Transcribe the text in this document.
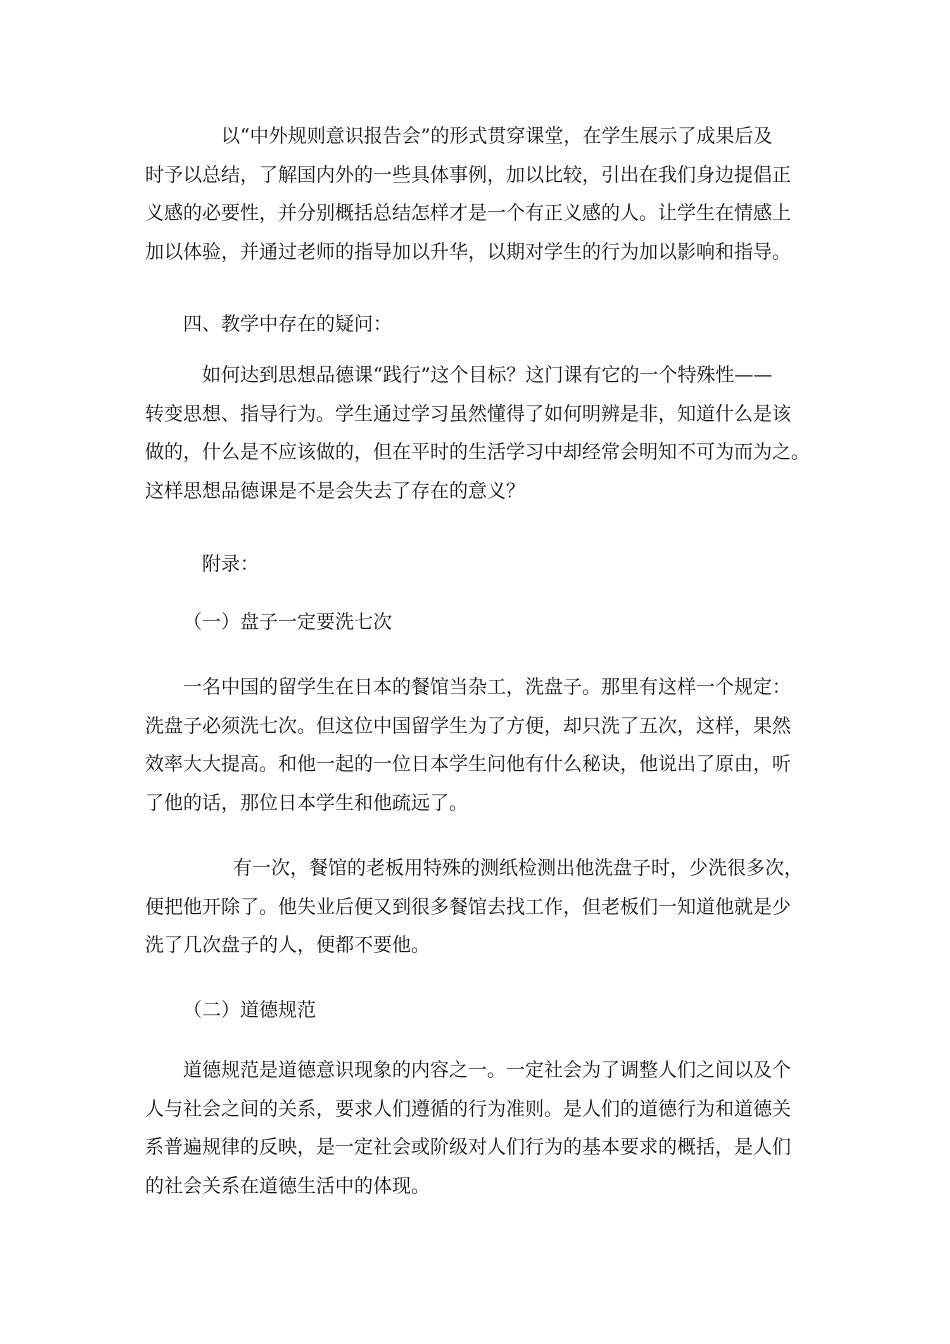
以“中外规则意识报告会”的形式贯穿课堂，在学生展示了成果后及
时予以总结，了解国内外的一些具体事例，加以比较，引出在我们身边提倡正
义感的必要性，并分别概括总结怎样才是一个有正义感的人。让学生在情感上
加以体验，并通过老师的指导加以升华，以期对学生的行为加以影响和指导。

四、教学中存在的疑问：

如何达到思想品德课“践行”这个目标？这门课有它的一个特殊性——
转变思想、指导行为。学生通过学习虽然懂得了如何明辨是非，知道什么是该
做的，什么是不应该做的，但在平时的生活学习中却经常会明知不可为而为之。
这样思想品德课是不是会失去了存在的意义？

附录：

（一）盘子一定要洗七次

一名中国的留学生在日本的餐馆当杂工，洗盘子。那里有这样一个规定：
洗盘子必须洗七次。但这位中国留学生为了方便，却只洗了五次，这样，果然
效率大大提高。和他一起的一位日本学生问他有什么秘诀，他说出了原由，听
了他的话，那位日本学生和他疏远了。
有一次，餐馆的老板用特殊的测纸检测出他洗盘子时，少洗很多次，
便把他开除了。他失业后便又到很多餐馆去找工作，但老板们一知道他就是少
洗了几次盘子的人，便都不要他。

（二）道德规范

道德规范是道德意识现象的内容之一。一定社会为了调整人们之间以及个
人与社会之间的关系，要求人们遵循的行为准则。是人们的道德行为和道德关
系普遍规律的反映，是一定社会或阶级对人们行为的基本要求的概括，是人们
的社会关系在道德生活中的体现。
